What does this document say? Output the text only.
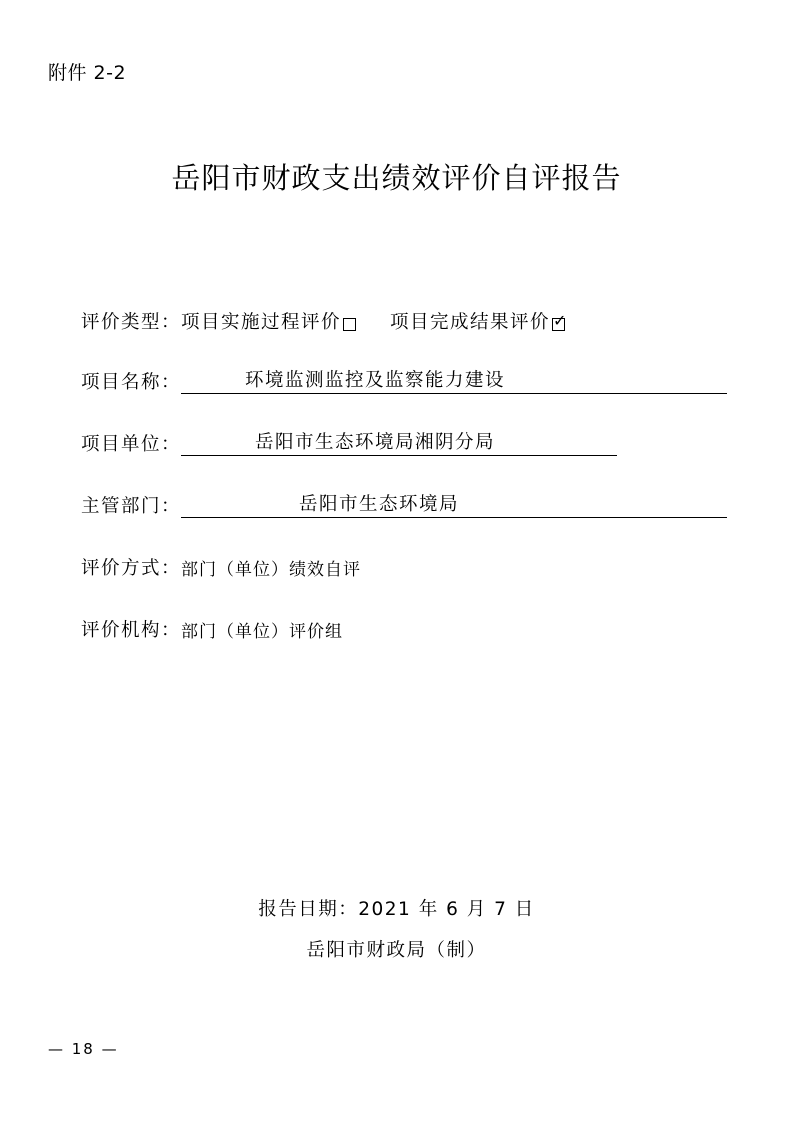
附件 2-2
岳阳市财政支出绩效评价自评报告
评价类型： 项目实施过程评价	项目完成结果评价 ✓
项目名称：	环境监测监控及监察能力建设
项目单位：	岳阳市生态环境局湘阴分局
主管部门：	岳阳市生态环境局
评价方式： 部门（单位）绩效自评
评价机构： 部门（单位）评价组
报告日期：2021 年 6 月 7 日
岳阳市财政局（制）
— 18 —
